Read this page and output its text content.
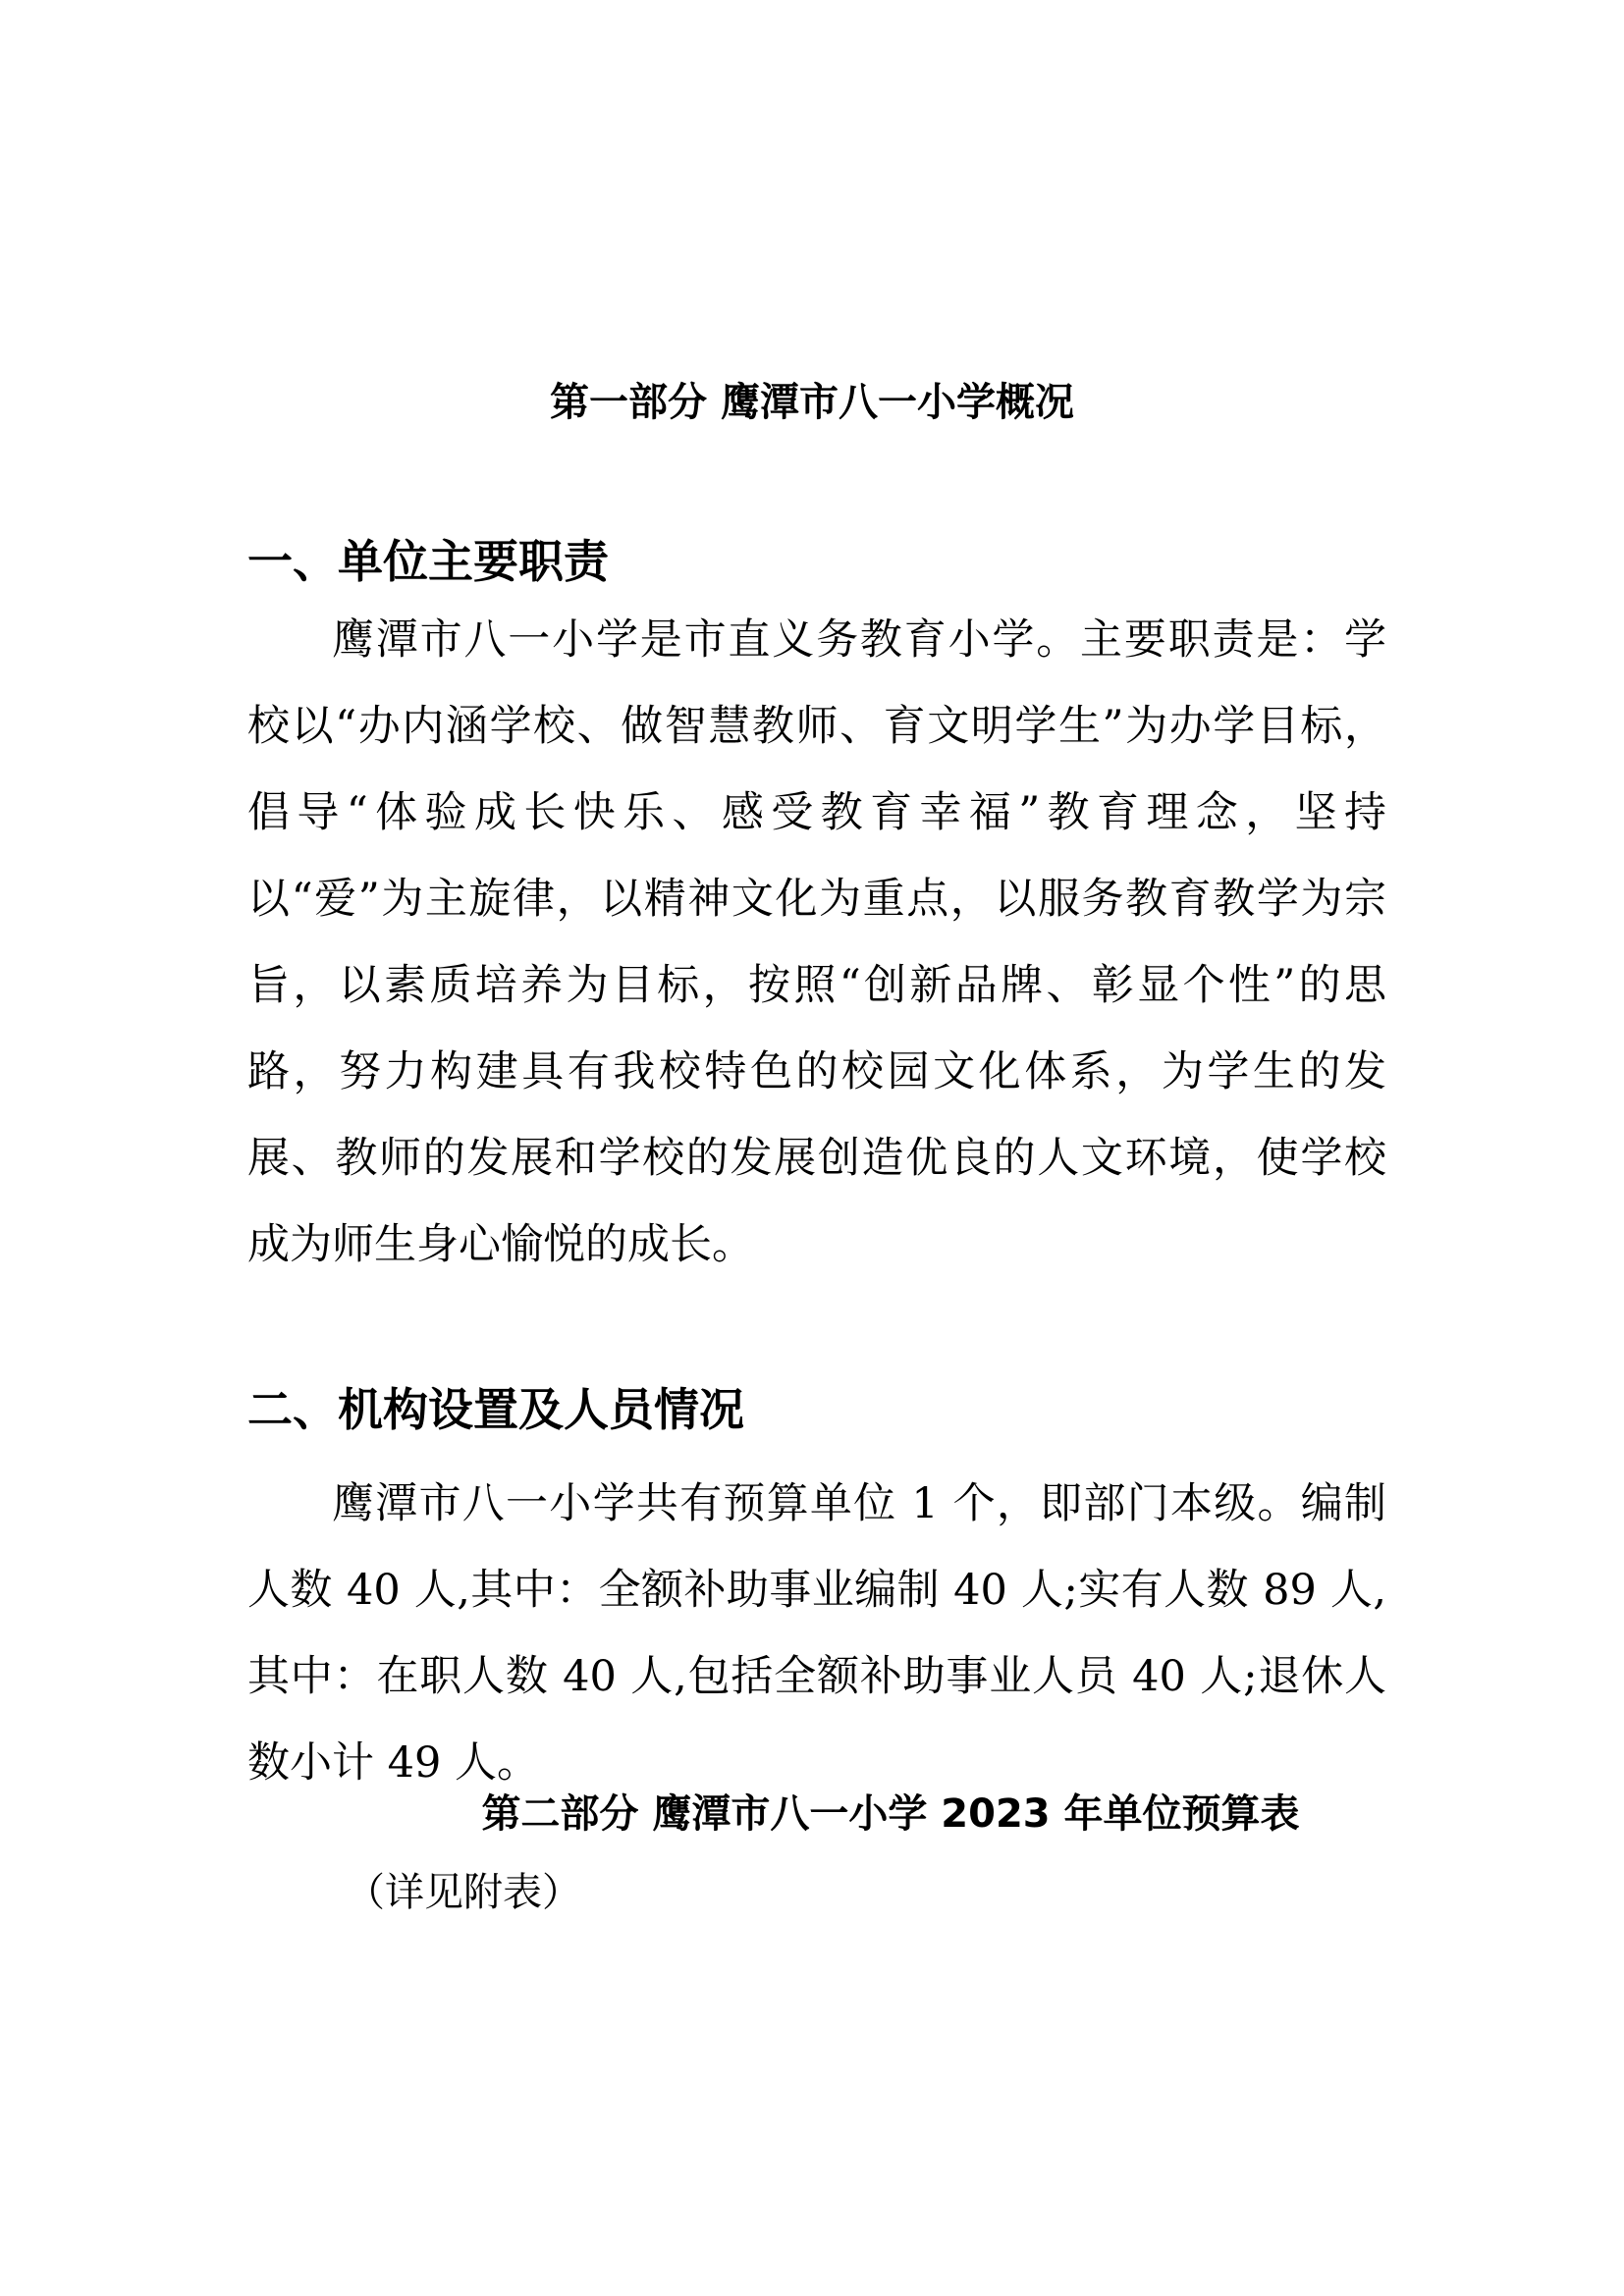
第一部分 鹰潭市八一小学概况
一、单位主要职责
鹰潭市八一小学是市直义务教育小学。主要职责是：学校以“办内涵学校、做智慧教师、育文明学生”为办学目标，倡导“体验成长快乐、感受教育幸福”教育理念，坚持以“爱”为主旋律，以精神文化为重点，以服务教育教学为宗旨，以素质培养为目标，按照“创新品牌、彰显个性”的思路，努力构建具有我校特色的校园文化体系，为学生的发展、教师的发展和学校的发展创造优良的人文环境，使学校成为师生身心愉悦的成长。
二、机构设置及人员情况
鹰潭市八一小学共有预算单位 1 个，即部门本级。编制人数 40 人,其中：全额补助事业编制 40 人;实有人数 89 人,其中：在职人数 40 人,包括全额补助事业人员 40 人;退休人数小计 49 人。
第二部分 鹰潭市八一小学 2023 年单位预算表
（详见附表）
